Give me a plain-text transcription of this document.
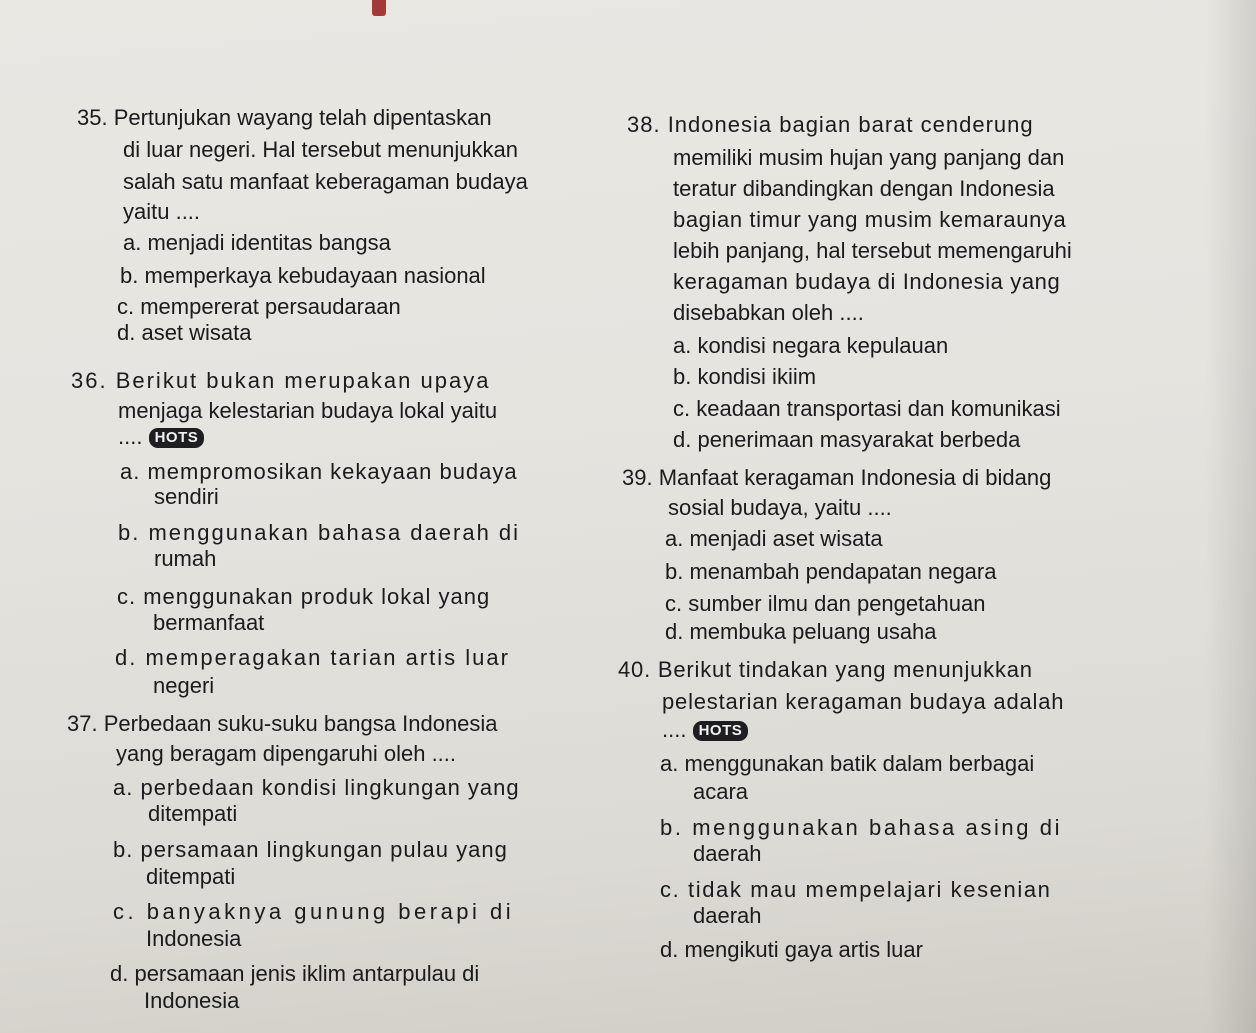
35. Pertunjukan wayang telah dipentaskan
di luar negeri. Hal tersebut menunjukkan
salah satu manfaat keberagaman budaya
yaitu ....
a. menjadi identitas bangsa
b. memperkaya kebudayaan nasional
c. mempererat persaudaraan
d. aset wisata
36. Berikut bukan merupakan upaya
menjaga kelestarian budaya lokal yaitu
.... HOTS
a. mempromosikan kekayaan budaya
sendiri
b. menggunakan bahasa daerah di
rumah
c. menggunakan produk lokal yang
bermanfaat
d. memperagakan tarian artis luar
negeri
37. Perbedaan suku-suku bangsa Indonesia
yang beragam dipengaruhi oleh ....
a. perbedaan kondisi lingkungan yang
ditempati
b. persamaan lingkungan pulau yang
ditempati
c. banyaknya gunung berapi di
Indonesia
d. persamaan jenis iklim antarpulau di
Indonesia
38. Indonesia bagian barat cenderung
memiliki musim hujan yang panjang dan
teratur dibandingkan dengan Indonesia
bagian timur yang musim kemaraunya
lebih panjang, hal tersebut memengaruhi
keragaman budaya di Indonesia yang
disebabkan oleh ....
a. kondisi negara kepulauan
b. kondisi ikiim
c. keadaan transportasi dan komunikasi
d. penerimaan masyarakat berbeda
39. Manfaat keragaman Indonesia di bidang
sosial budaya, yaitu ....
a. menjadi aset wisata
b. menambah pendapatan negara
c. sumber ilmu dan pengetahuan
d. membuka peluang usaha
40. Berikut tindakan yang menunjukkan
pelestarian keragaman budaya adalah
.... HOTS
a. menggunakan batik dalam berbagai
acara
b. menggunakan bahasa asing di
daerah
c. tidak mau mempelajari kesenian
daerah
d. mengikuti gaya artis luar
